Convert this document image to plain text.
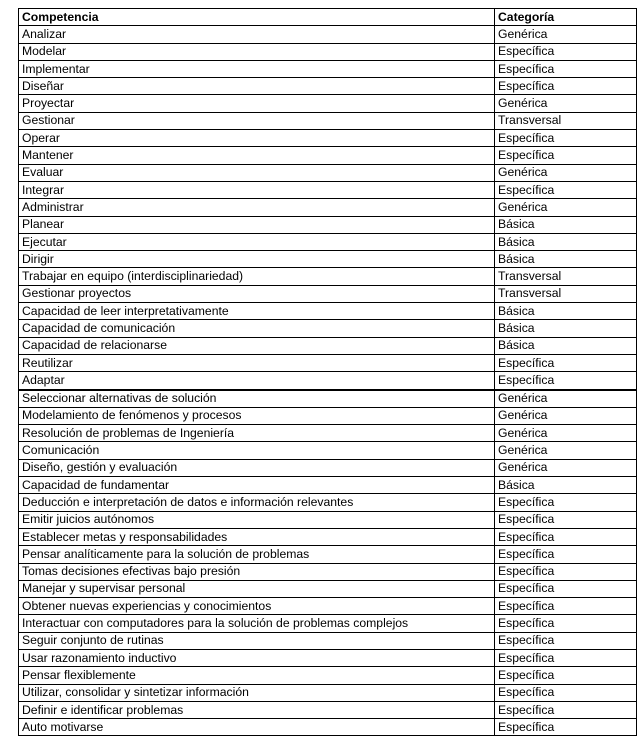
Competencia	Categoría
Analizar	Genérica
Modelar	Específica
Implementar	Específica
Diseñar	Específica
Proyectar	Genérica
Gestionar	Transversal
Operar	Específica
Mantener	Específica
Evaluar	Genérica
Integrar	Específica
Administrar	Genérica
Planear	Básica
Ejecutar	Básica
Dirigir	Básica
Trabajar en equipo (interdisciplinariedad)	Transversal
Gestionar proyectos	Transversal
Capacidad de leer interpretativamente	Básica
Capacidad de comunicación	Básica
Capacidad de relacionarse	Básica
Reutilizar	Específica
Adaptar	Específica
Seleccionar alternativas de solución	Genérica
Modelamiento de fenómenos y procesos	Genérica
Resolución de problemas de Ingeniería	Genérica
Comunicación	Genérica
Diseño, gestión y evaluación	Genérica
Capacidad de fundamentar	Básica
Deducción e interpretación de datos e información relevantes	Específica
Emitir juicios autónomos	Específica
Establecer metas y responsabilidades	Específica
Pensar analíticamente para la solución de problemas	Específica
Tomas decisiones efectivas bajo presión	Específica
Manejar y supervisar personal	Específica
Obtener nuevas experiencias y conocimientos	Específica
Interactuar con computadores para la solución de problemas complejos	Específica
Seguir conjunto de rutinas	Específica
Usar razonamiento inductivo	Específica
Pensar flexiblemente	Específica
Utilizar, consolidar y sintetizar información	Específica
Definir e identificar problemas	Específica
Auto motivarse	Específica
